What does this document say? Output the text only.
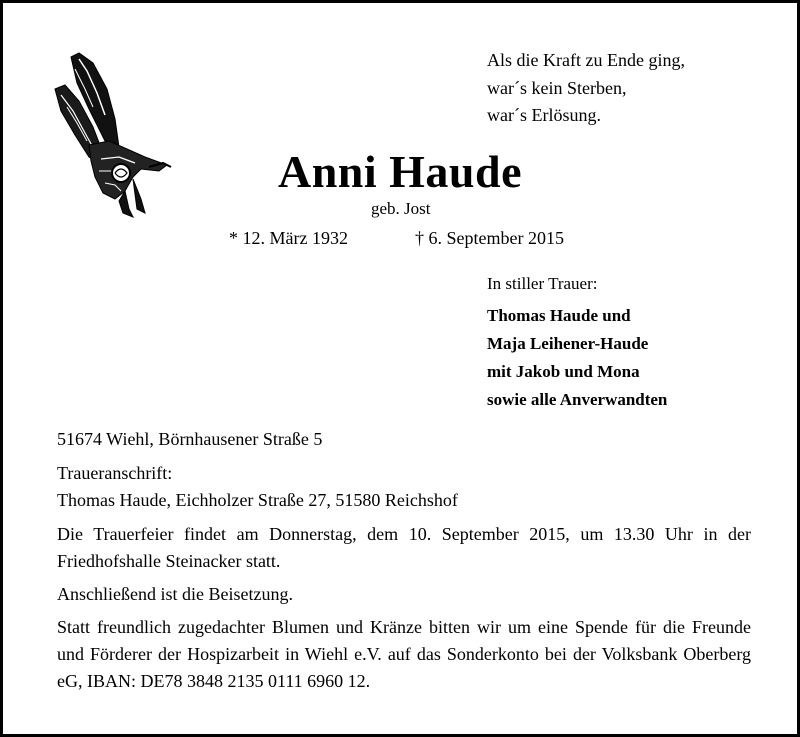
Als die Kraft zu Ende ging,
war´s kein Sterben,
war´s Erlösung.
Anni Haude
geb. Jost
* 12. März 1932	† 6. September 2015
In stiller Trauer:
Thomas Haude und
Maja Leihener-Haude
mit Jakob und Mona
sowie alle Anverwandten
51674 Wiehl, Börnhausener Straße 5
Traueranschrift:
Thomas Haude, Eichholzer Straße 27, 51580 Reichshof
Die Trauerfeier findet am Donnerstag, dem 10. September 2015, um 13.30 Uhr in der
Friedhofshalle Steinacker statt.
Anschließend ist die Beisetzung.
Statt freundlich zugedachter Blumen und Kränze bitten wir um eine Spende für die Freunde
und Förderer der Hospizarbeit in Wiehl e.V. auf das Sonderkonto bei der Volksbank Oberberg
eG, IBAN: DE78 3848 2135 0111 6960 12.
